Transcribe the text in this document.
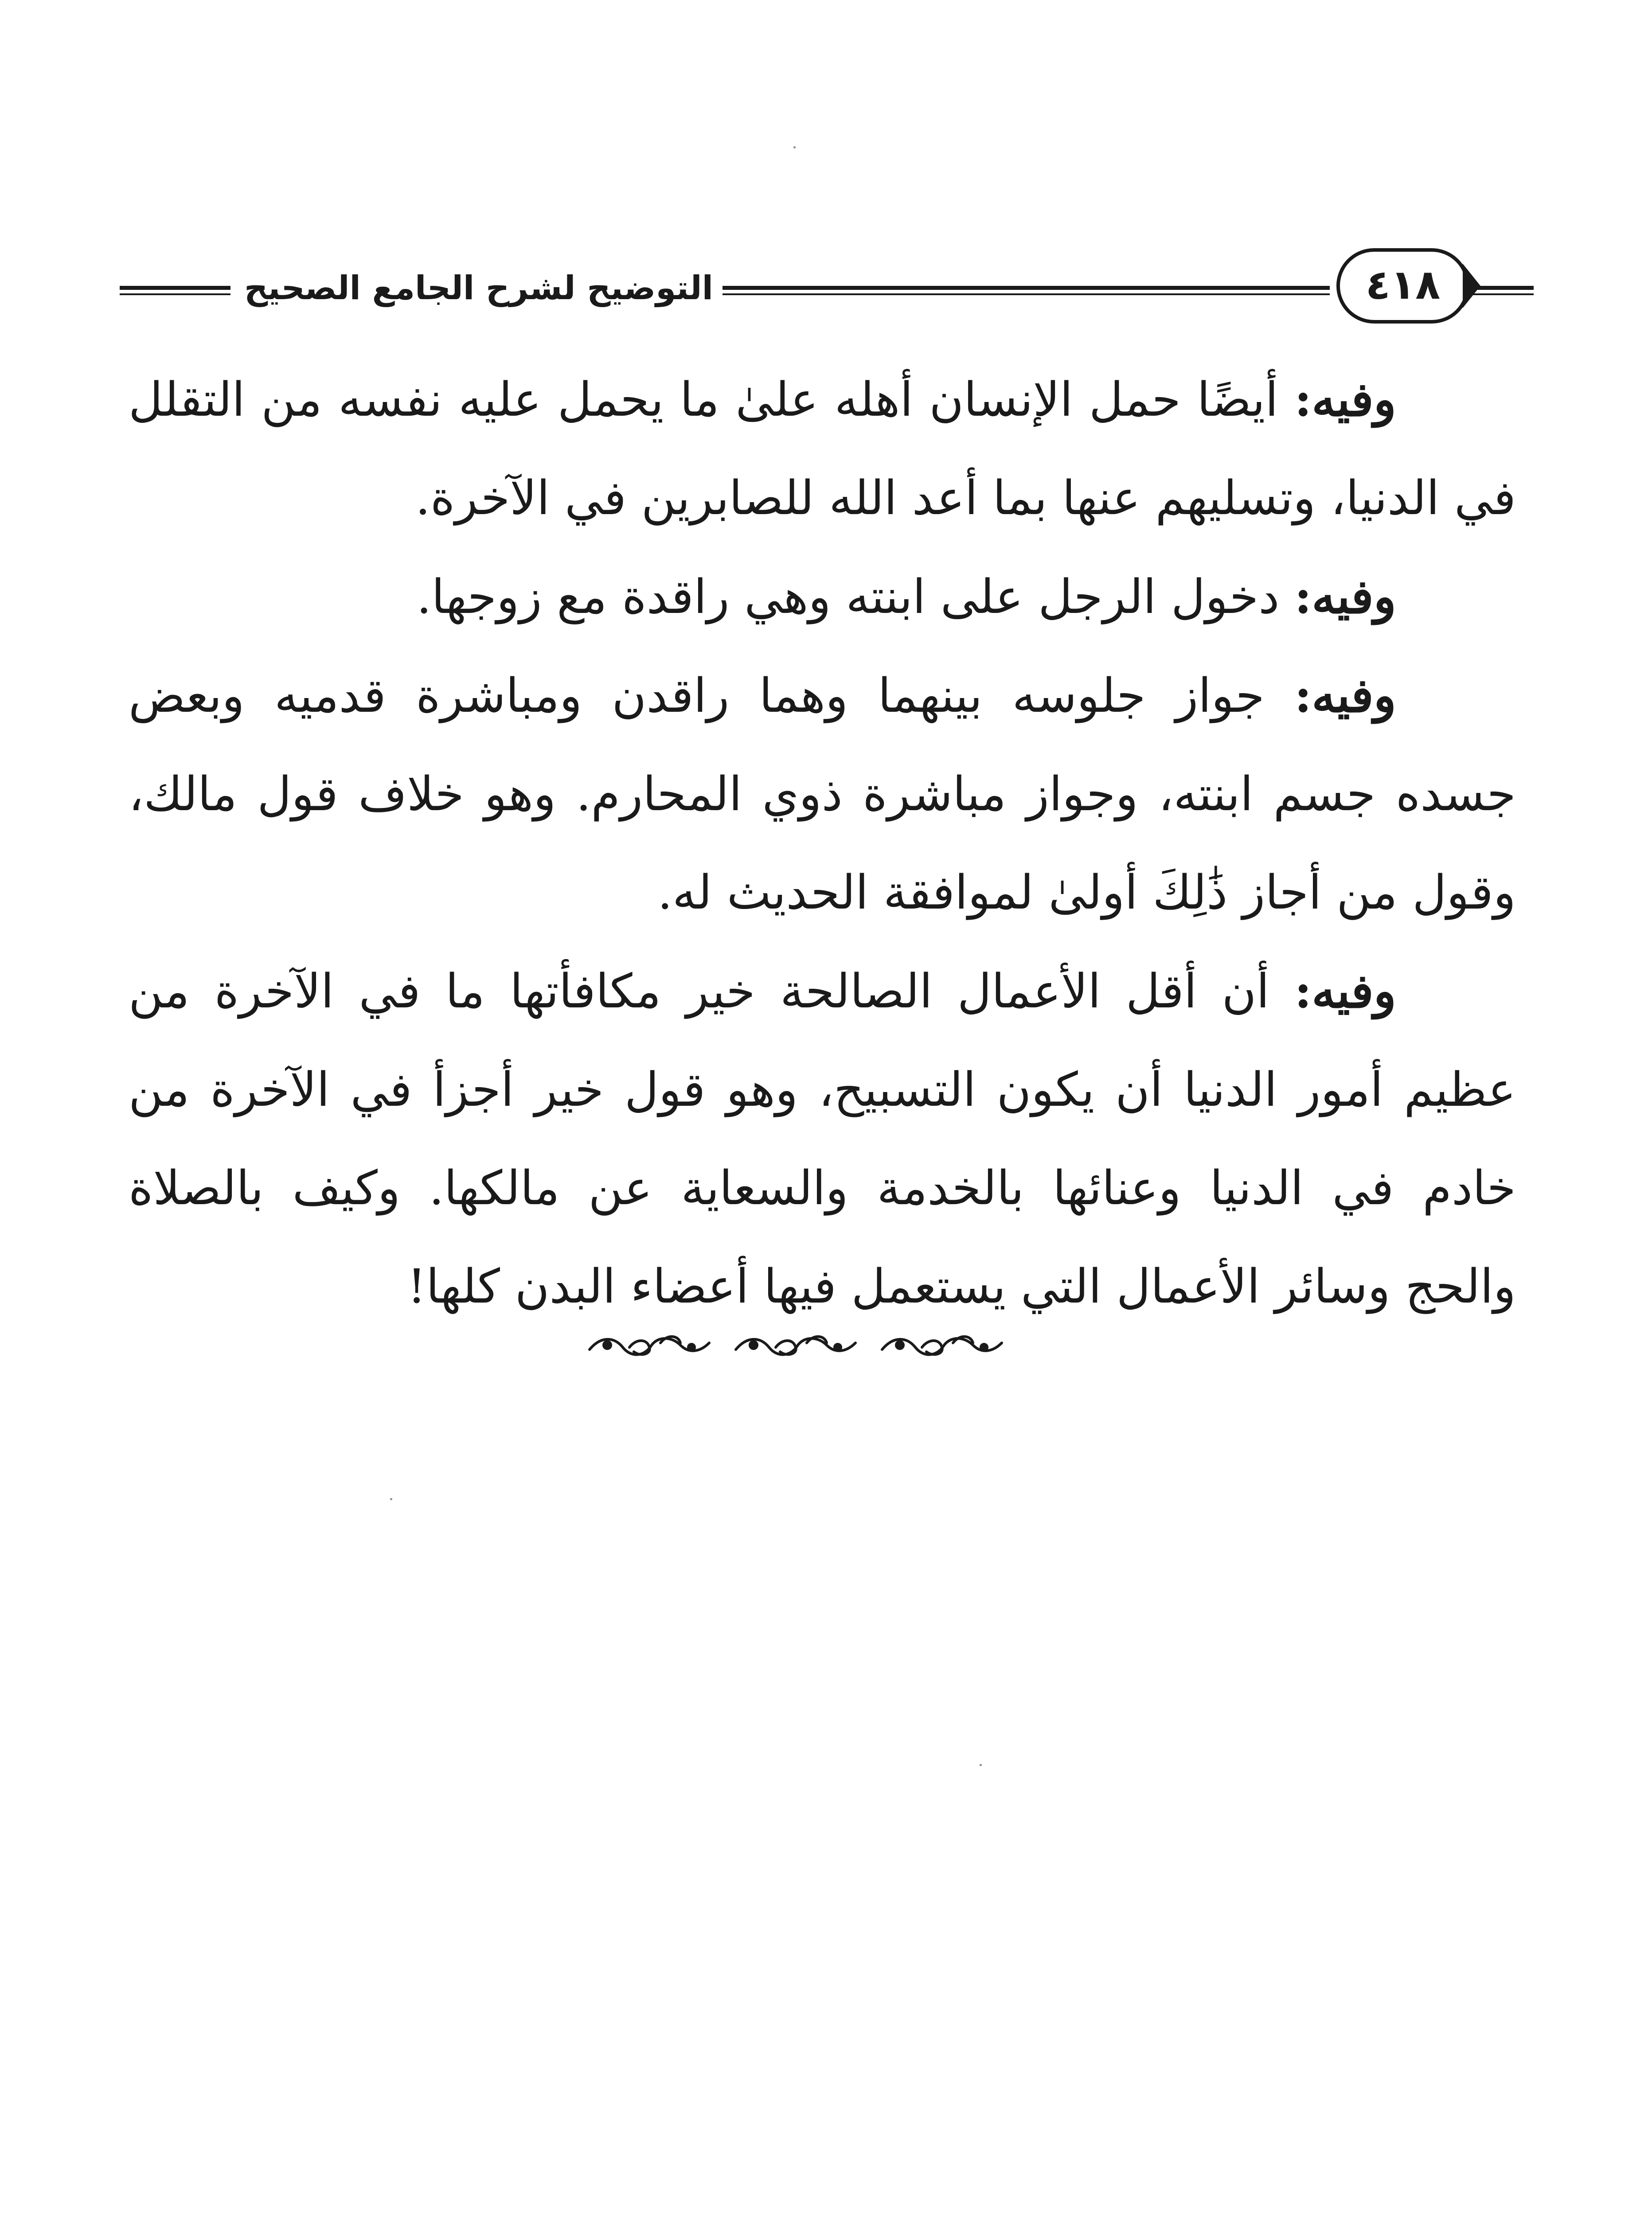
التوضيح لشرح الجامع الصحيح	٤١٨

وفيه: أيضًا حمل الإنسان أهله علىٰ ما يحمل عليه نفسه من التقلل في الدنيا، وتسليهم عنها بما أعد الله للصابرين في الآخرة.

وفيه: دخول الرجل على ابنته وهي راقدة مع زوجها.

وفيه: جواز جلوسه بينهما وهما راقدن ومباشرة قدميه وبعض جسده جسم ابنته، وجواز مباشرة ذوي المحارم. وهو خلاف قول مالك، وقول من أجاز ذَٰلِكَ أولىٰ لموافقة الحديث له.

وفيه: أن أقل الأعمال الصالحة خير مكافأتها ما في الآخرة من عظيم أمور الدنيا أن يكون التسبيح، وهو قول خير أجزأ في الآخرة من خادم في الدنيا وعنائها بالخدمة والسعاية عن مالكها. وكيف بالصلاة والحج وسائر الأعمال التي يستعمل فيها أعضاء البدن كلها!
